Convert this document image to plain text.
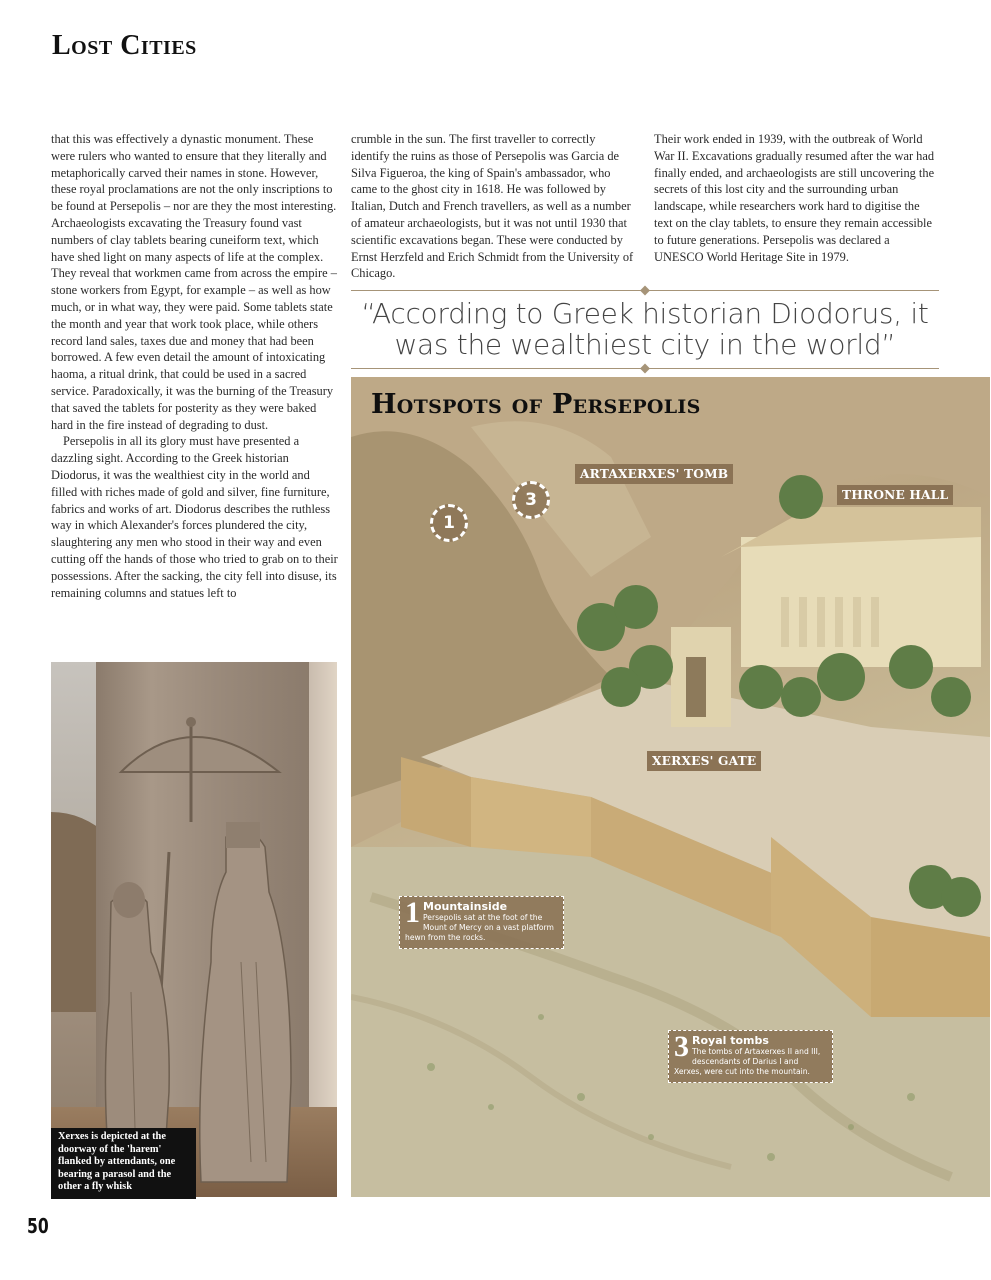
Lost Cities

that this was effectively a dynastic monument. These were rulers who wanted to ensure that they literally and metaphorically carved their names in stone. However, these royal proclamations are not the only inscriptions to be found at Persepolis – nor are they the most interesting. Archaeologists excavating the Treasury found vast numbers of clay tablets bearing cuneiform text, which have shed light on many aspects of life at the complex. They reveal that workmen came from across the empire – stone workers from Egypt, for example – as well as how much, or in what way, they were paid. Some tablets state the month and year that work took place, while others record land sales, taxes due and money that had been borrowed. A few even detail the amount of intoxicating haoma, a ritual drink, that could be used in a sacred service. Paradoxically, it was the burning of the Treasury that saved the tablets for posterity as they were baked hard in the fire instead of degrading to dust.

Persepolis in all its glory must have presented a dazzling sight. According to the Greek historian Diodorus, it was the wealthiest city in the world and filled with riches made of gold and silver, fine furniture, fabrics and works of art. Diodorus describes the ruthless way in which Alexander's forces plundered the city, slaughtering any men who stood in their way and even cutting off the hands of those who tried to grab on to their possessions. After the sacking, the city fell into disuse, its remaining columns and statues left to

crumble in the sun. The first traveller to correctly identify the ruins as those of Persepolis was Garcia de Silva Figueroa, the king of Spain's ambassador, who came to the ghost city in 1618. He was followed by Italian, Dutch and French travellers, as well as a number of amateur archaeologists, but it was not until 1930 that scientific excavations began. These were conducted by Ernst Herzfeld and Erich Schmidt from the University of Chicago.

Their work ended in 1939, with the outbreak of World War II. Excavations gradually resumed after the war had finally ended, and archaeologists are still uncovering the secrets of this lost city and the surrounding urban landscape, while researchers work hard to digitise the text on the clay tablets, to ensure they remain accessible to future generations. Persepolis was declared a UNESCO World Heritage Site in 1979.

“According to Greek historian Diodorus, it was the wealthiest city in the world”
Xerxes is depicted at the doorway of the 'harem' flanked by attendants, one bearing a parasol and the other a fly whisk
Hotspots of Persepolis
ARTAXERXES' TOMB
THRONE HALL
XERXES' GATE
1
3
1 Mountainside
Persepolis sat at the foot of the Mount of Mercy on a vast platform hewn from the rocks.
3 Royal tombs
The tombs of Artaxerxes II and III, descendants of Darius I and Xerxes, were cut into the mountain.
50
